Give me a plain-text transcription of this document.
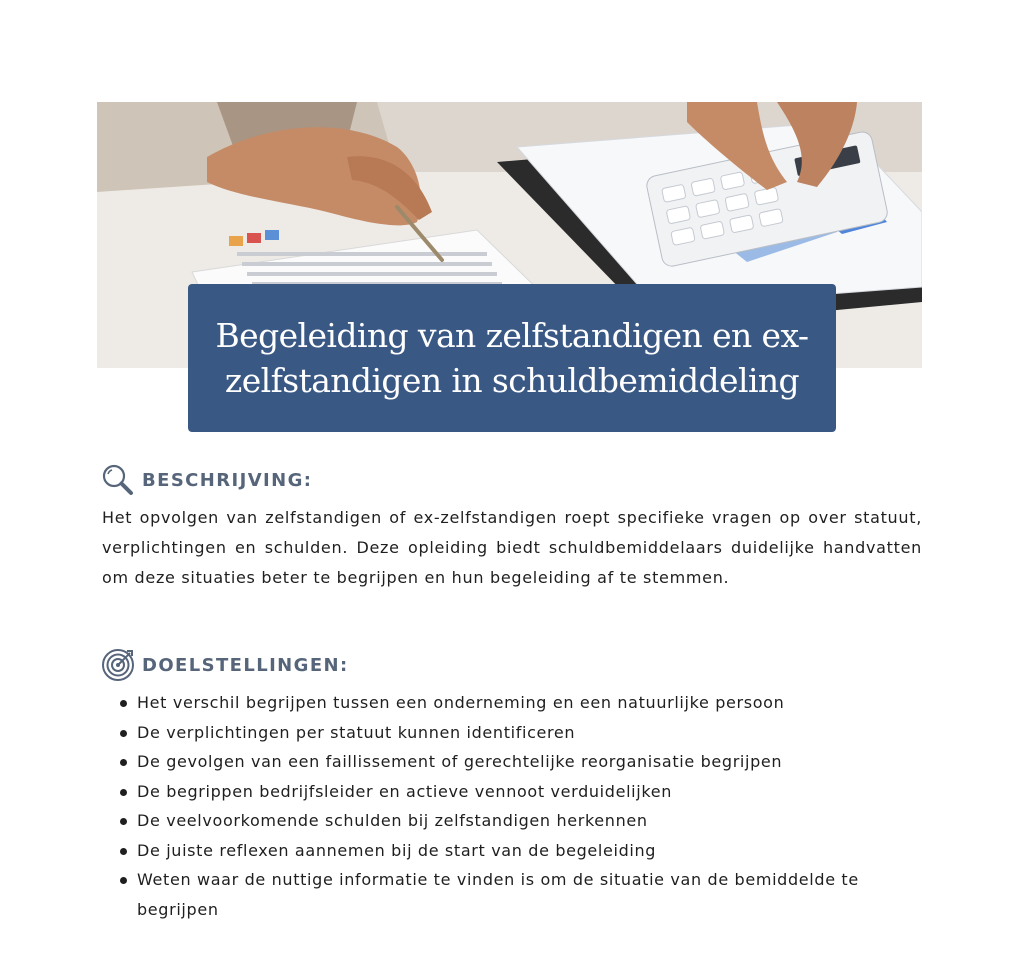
Begeleiding van zelfstandigen en ex-zelfstandigen in schuldbemiddeling
BESCHRIJVING:

Het opvolgen van zelfstandigen of ex-zelfstandigen roept specifieke vragen op over statuut, verplichtingen en schulden. Deze opleiding biedt schuldbemiddelaars duidelijke handvatten om deze situaties beter te begrijpen en hun begeleiding af te stemmen.

DOELSTELLINGEN:
Het verschil begrijpen tussen een onderneming en een natuurlijke persoon
De verplichtingen per statuut kunnen identificeren
De gevolgen van een faillissement of gerechtelijke reorganisatie begrijpen
De begrippen bedrijfsleider en actieve vennoot verduidelijken
De veelvoorkomende schulden bij zelfstandigen herkennen
De juiste reflexen aannemen bij de start van de begeleiding
Weten waar de nuttige informatie te vinden is om de situatie van de bemiddelde te begrijpen
